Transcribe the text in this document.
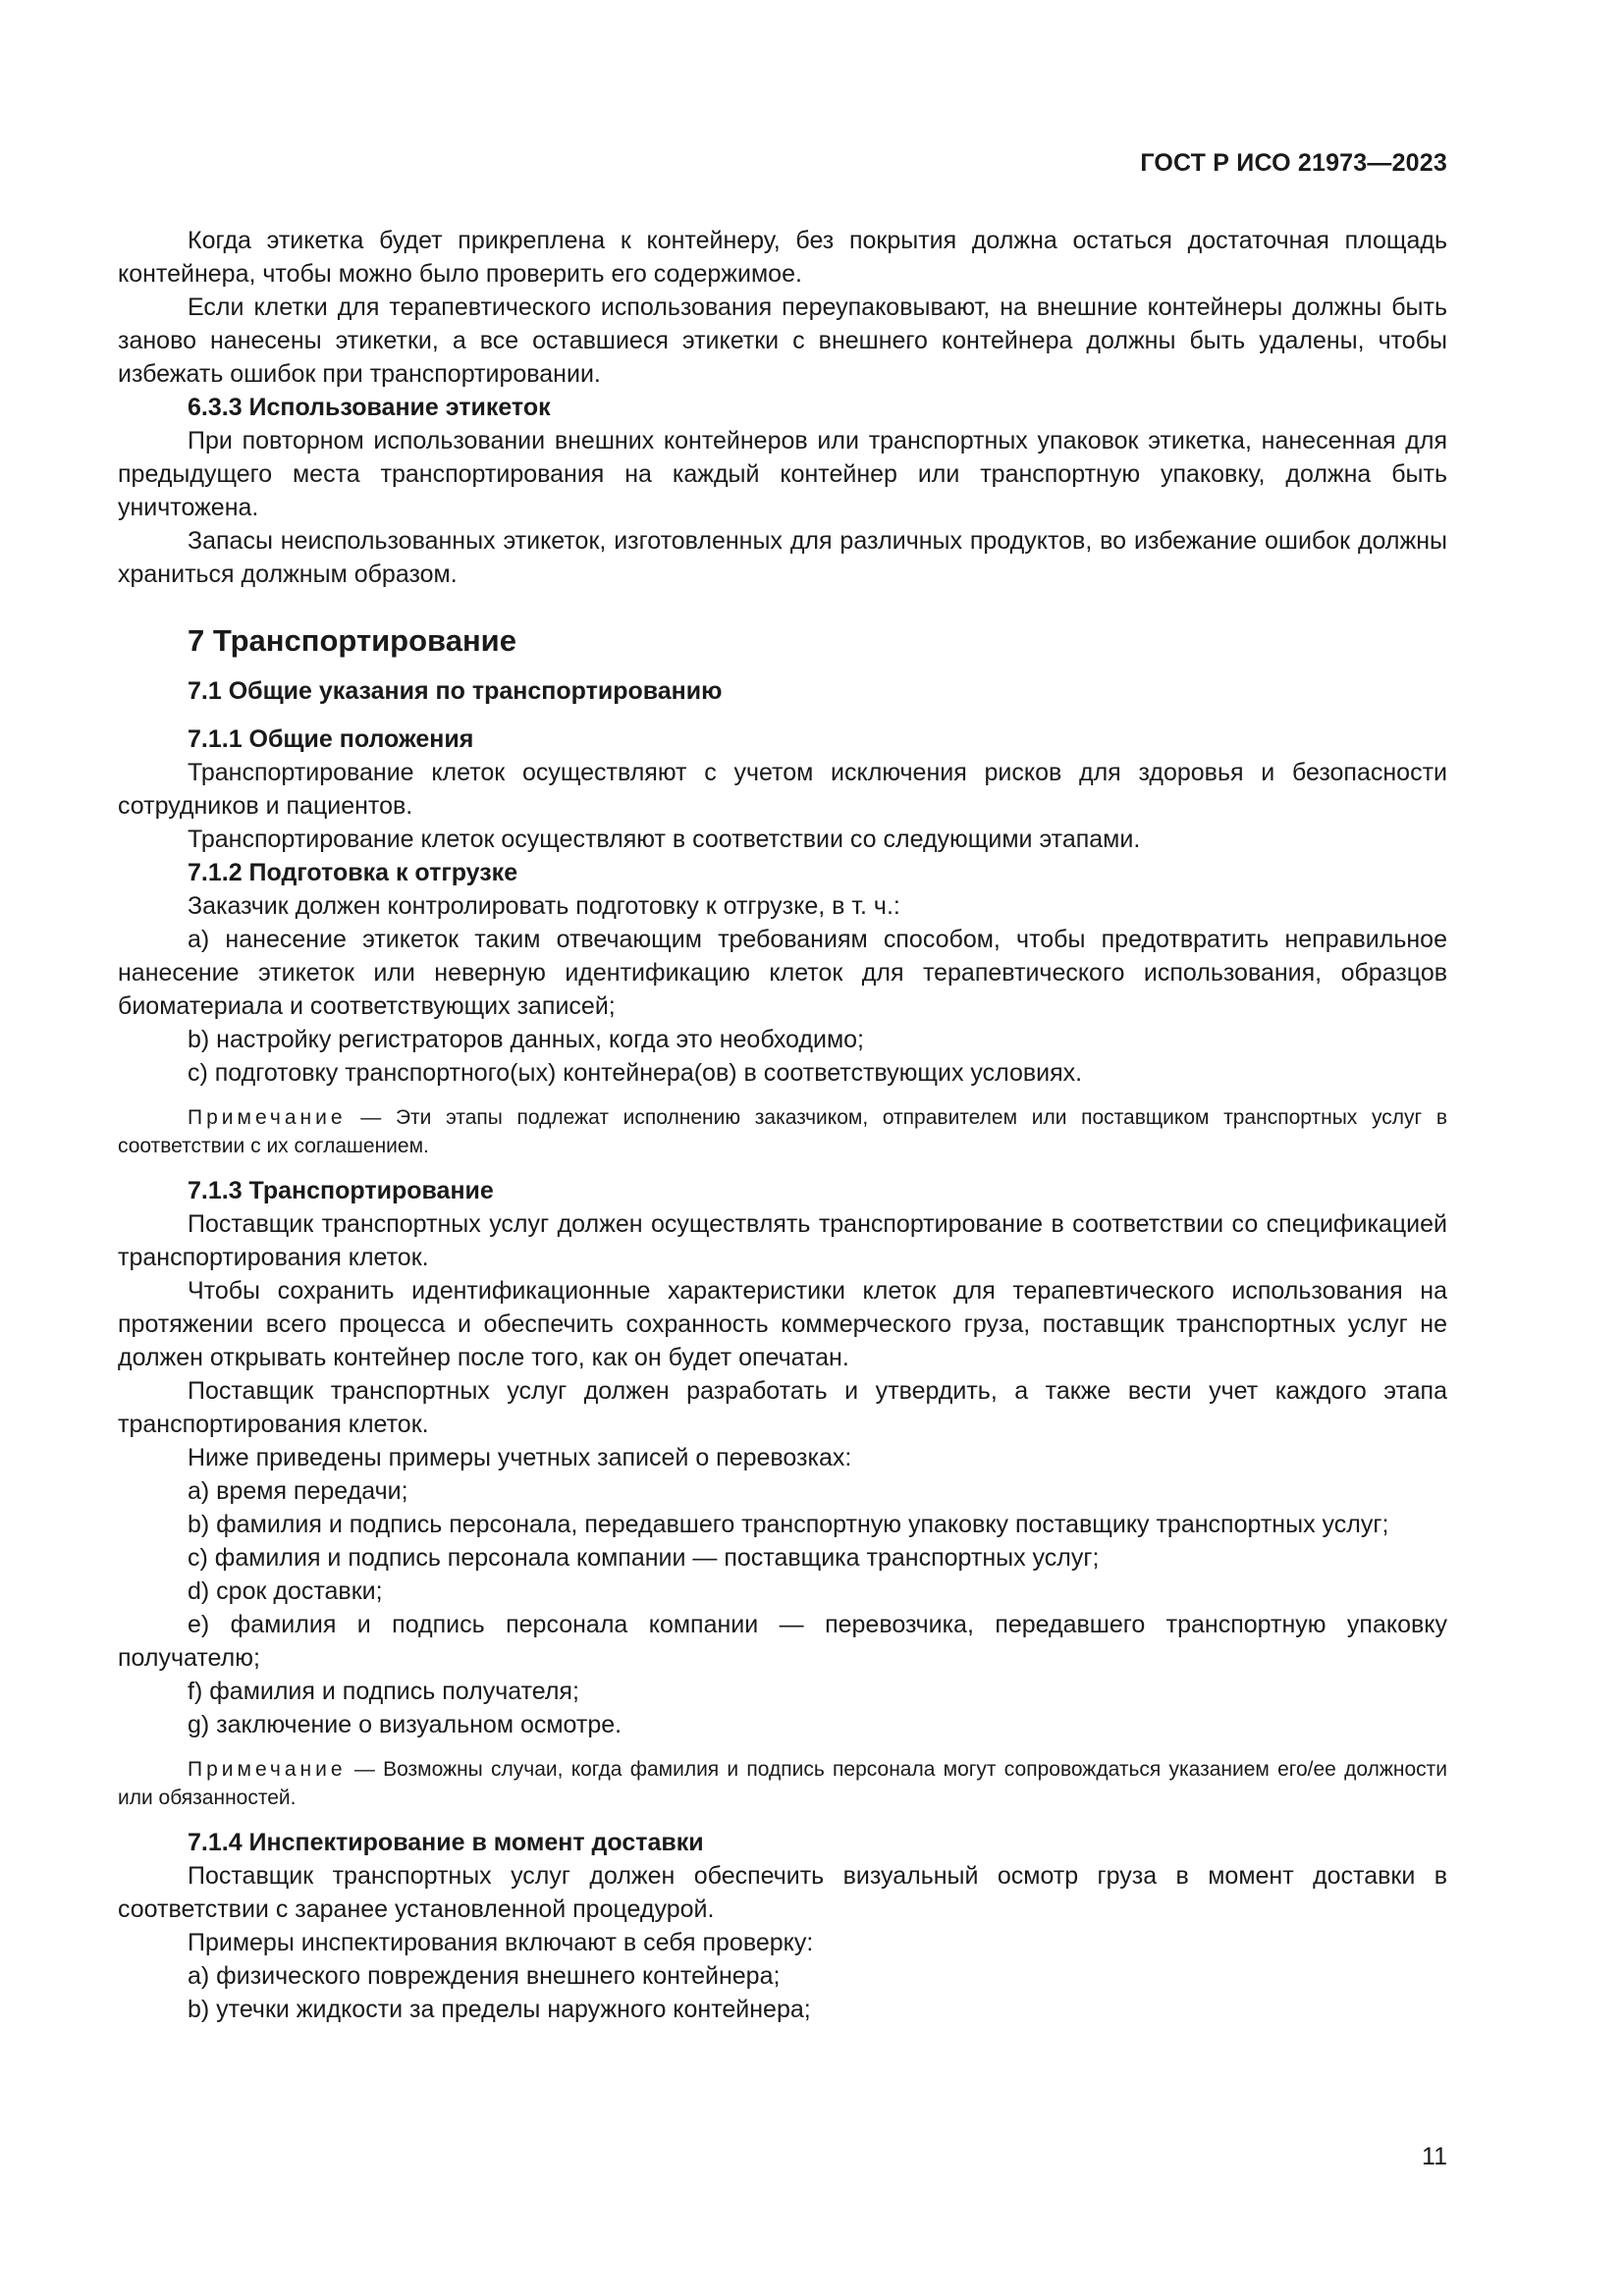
ГОСТ Р ИСО 21973—2023

Когда этикетка будет прикреплена к контейнеру, без покрытия должна остаться достаточная площадь контейнера, чтобы можно было проверить его содержимое.

Если клетки для терапевтического использования переупаковывают, на внешние контейнеры должны быть заново нанесены этикетки, а все оставшиеся этикетки с внешнего контейнера должны быть удалены, чтобы избежать ошибок при транспортировании.

6.3.3 Использование этикеток

При повторном использовании внешних контейнеров или транспортных упаковок этикетка, нанесенная для предыдущего места транспортирования на каждый контейнер или транспортную упаковку, должна быть уничтожена.

Запасы неиспользованных этикеток, изготовленных для различных продуктов, во избежание ошибок должны храниться должным образом.

7 Транспортирование

7.1 Общие указания по транспортированию

7.1.1 Общие положения

Транспортирование клеток осуществляют с учетом исключения рисков для здоровья и безопасности сотрудников и пациентов.

Транспортирование клеток осуществляют в соответствии со следующими этапами.

7.1.2 Подготовка к отгрузке

Заказчик должен контролировать подготовку к отгрузке, в т. ч.:

a) нанесение этикеток таким отвечающим требованиям способом, чтобы предотвратить неправильное нанесение этикеток или неверную идентификацию клеток для терапевтического использования, образцов биоматериала и соответствующих записей;

b) настройку регистраторов данных, когда это необходимо;

c) подготовку транспортного(ых) контейнера(ов) в соответствующих условиях.

Примечание — Эти этапы подлежат исполнению заказчиком, отправителем или поставщиком транспортных услуг в соответствии с их соглашением.

7.1.3 Транспортирование

Поставщик транспортных услуг должен осуществлять транспортирование в соответствии со спецификацией транспортирования клеток.

Чтобы сохранить идентификационные характеристики клеток для терапевтического использования на протяжении всего процесса и обеспечить сохранность коммерческого груза, поставщик транспортных услуг не должен открывать контейнер после того, как он будет опечатан.

Поставщик транспортных услуг должен разработать и утвердить, а также вести учет каждого этапа транспортирования клеток.

Ниже приведены примеры учетных записей о перевозках:

a) время передачи;

b) фамилия и подпись персонала, передавшего транспортную упаковку поставщику транспортных услуг;

c) фамилия и подпись персонала компании — поставщика транспортных услуг;

d) срок доставки;

e) фамилия и подпись персонала компании — перевозчика, передавшего транспортную упаковку получателю;

f) фамилия и подпись получателя;

g) заключение о визуальном осмотре.

Примечание — Возможны случаи, когда фамилия и подпись персонала могут сопровождаться указанием его/ее должности или обязанностей.

7.1.4 Инспектирование в момент доставки

Поставщик транспортных услуг должен обеспечить визуальный осмотр груза в момент доставки в соответствии с заранее установленной процедурой.

Примеры инспектирования включают в себя проверку:

a) физического повреждения внешнего контейнера;

b) утечки жидкости за пределы наружного контейнера;

11
